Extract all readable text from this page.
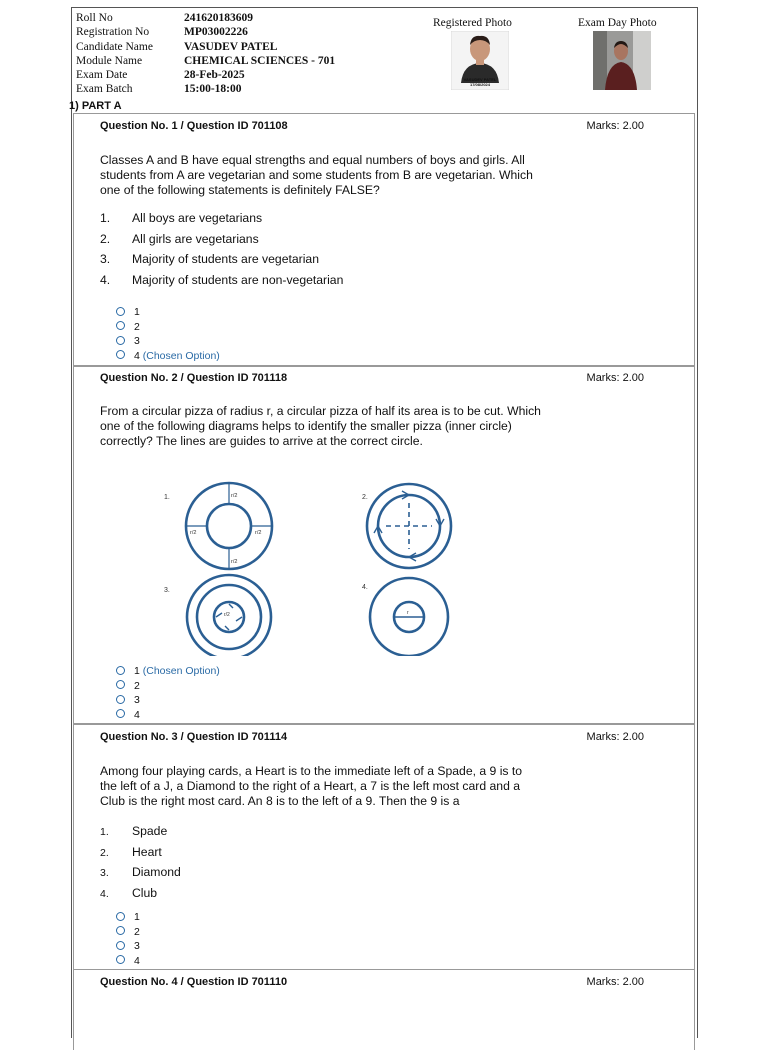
Roll No	241620183609
Registration No	MP03002226
Candidate Name	VASUDEV PATEL
Module Name	CHEMICAL SCIENCES - 701
Exam Date	28-Feb-2025
Exam Batch	15:00-18:00
Registered Photo	Exam Day Photo
VASUDEV PATEL
17/08/2024
1) PART A
Question No. 1 / Question ID 701108	Marks: 2.00
Classes A and B have equal strengths and equal numbers of boys and girls. All
students from A are vegetarian and some students from B are vegetarian. Which
one of the following statements is definitely FALSE?
1. All boys are vegetarians
2. All girls are vegetarians
3. Majority of students are vegetarian
4. Majority of students are non-vegetarian
1
2
3
4 (Chosen Option)
Question No. 2 / Question ID 701118	Marks: 2.00
From a circular pizza of radius r, a circular pizza of half its area is to be cut. Which
one of the following diagrams helps to identify the smaller pizza (inner circle)
correctly? The lines are guides to arrive at the correct circle.
1.	r/2
r/2	r/2
r/2
2.
3.
r/2
4.
r
1 (Chosen Option)
2
3
4
Question No. 3 / Question ID 701114	Marks: 2.00
Among four playing cards, a Heart is to the immediate left of a Spade, a 9 is to
the left of a J, a Diamond to the right of a Heart, a 7 is the left most card and a
Club is the right most card. An 8 is to the left of a 9. Then the 9 is a
1. Spade
2. Heart
3. Diamond
4. Club
1
2
3
4
Question No. 4 / Question ID 701110	Marks: 2.00
